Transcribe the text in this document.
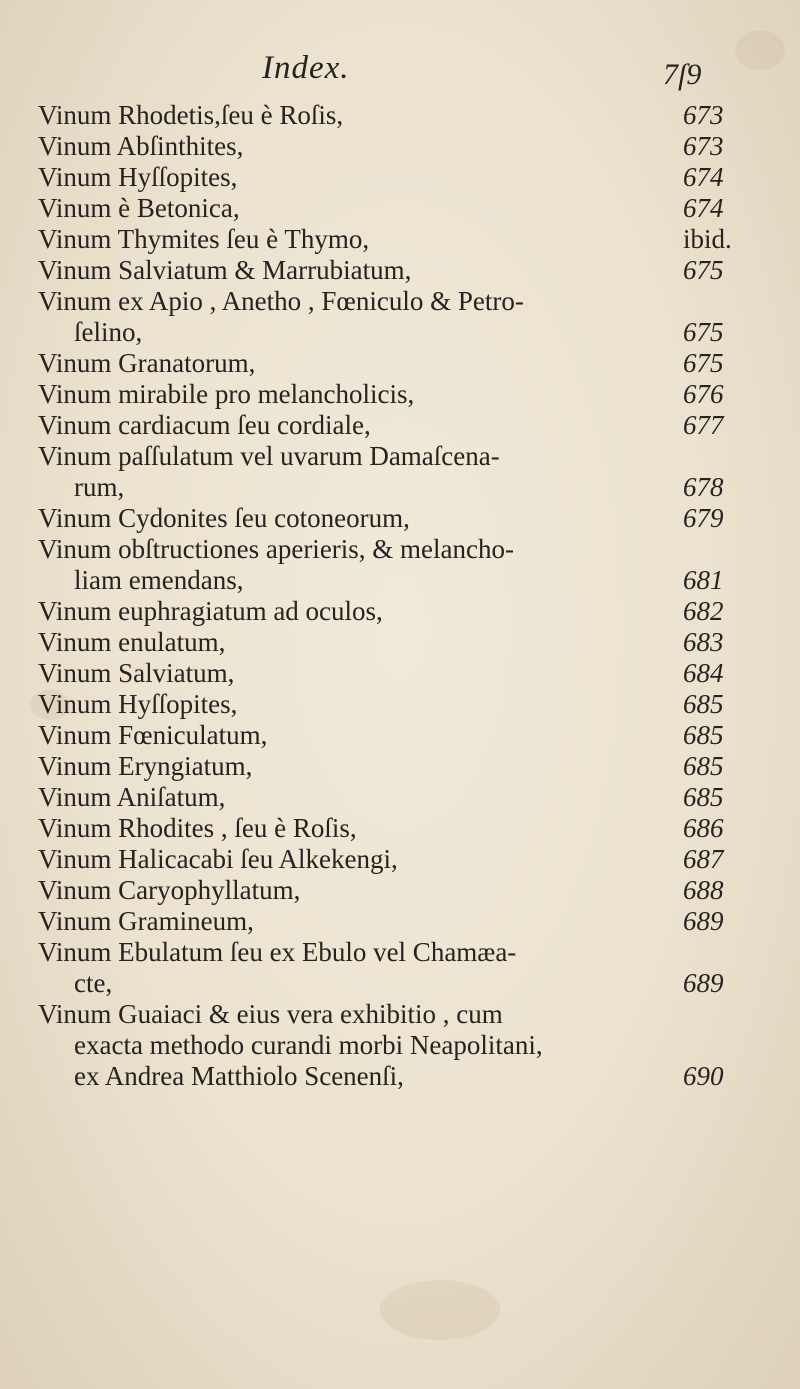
Index.	7ſ9
Vinum Rhodetis,ſeu è Roſis,	673
Vinum Abſinthites,	673
Vinum Hyſſopites,	674
Vinum è Betonica,	674
Vinum Thymites ſeu è Thymo,	ibid.
Vinum Salviatum & Marrubiatum,	675
Vinum ex Apio , Anetho , Fœniculo & Petro-
ſelino,	675
Vinum Granatorum,	675
Vinum mirabile pro melancholicis,	676
Vinum cardiacum ſeu cordiale,	677
Vinum paſſulatum vel uvarum Damaſcena-
rum,	678
Vinum Cydonites ſeu cotoneorum,	679
Vinum obſtructiones aperieris, & melancho-
liam emendans,	681
Vinum euphragiatum ad oculos,	682
Vinum enulatum,	683
Vinum Salviatum,	684
Vinum Hyſſopites,	685
Vinum Fœniculatum,	685
Vinum Eryngiatum,	685
Vinum Aniſatum,	685
Vinum Rhodites , ſeu è Roſis,	686
Vinum Halicacabi ſeu Alkekengi,	687
Vinum Caryophyllatum,	688
Vinum Gramineum,	689
Vinum Ebulatum ſeu ex Ebulo vel Chamæa-
cte,	689
Vinum Guaiaci & eius vera exhibitio , cum
exacta methodo curandi morbi Neapolitani,
ex Andrea Matthiolo Scenenſi,	690
